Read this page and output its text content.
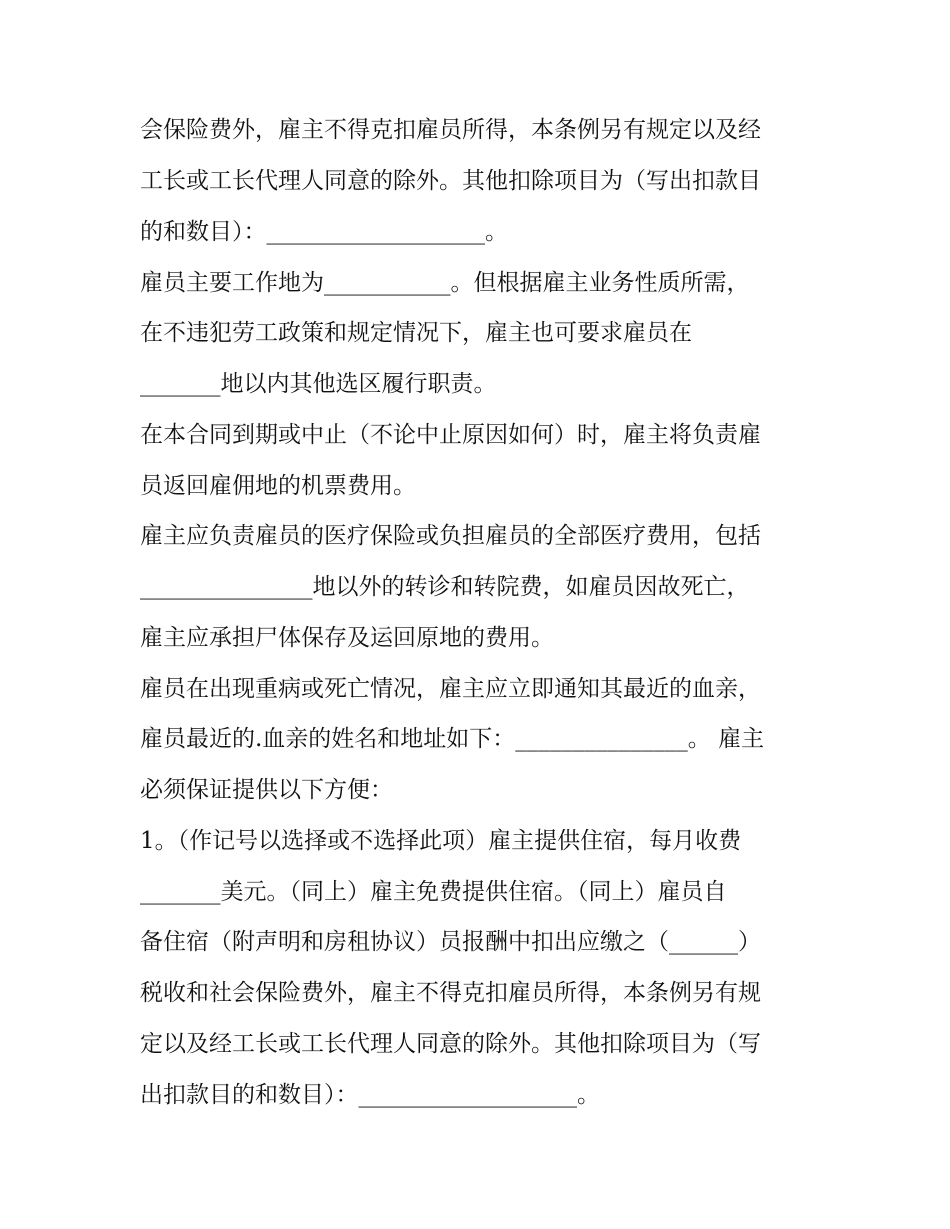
会保险费外，雇主不得克扣雇员所得，本条例另有规定以及经

工长或工长代理人同意的除外。其他扣除项目为（写出扣款目

的和数目）：___________________。

雇员主要工作地为___________。但根据雇主业务性质所需，

在不违犯劳工政策和规定情况下，雇主也可要求雇员在

_______地以内其他选区履行职责。

在本合同到期或中止（不论中止原因如何）时，雇主将负责雇

员返回雇佣地的机票费用。

雇主应负责雇员的医疗保险或负担雇员的全部医疗费用，包括

_______________地以外的转诊和转院费，如雇员因故死亡，

雇主应承担尸体保存及运回原地的费用。

雇员在出现重病或死亡情况，雇主应立即通知其最近的血亲，

雇员最近的.血亲的姓名和地址如下：_______________。 雇主

必须保证提供以下方便：

1。（作记号以选择或不选择此项）雇主提供住宿，每月收费

_______美元。（同上）雇主免费提供住宿。（同上）雇员自

备住宿（附声明和房租协议）员报酬中扣出应缴之（______）

税收和社会保险费外，雇主不得克扣雇员所得，本条例另有规

定以及经工长或工长代理人同意的除外。其他扣除项目为（写

出扣款目的和数目）：___________________。
